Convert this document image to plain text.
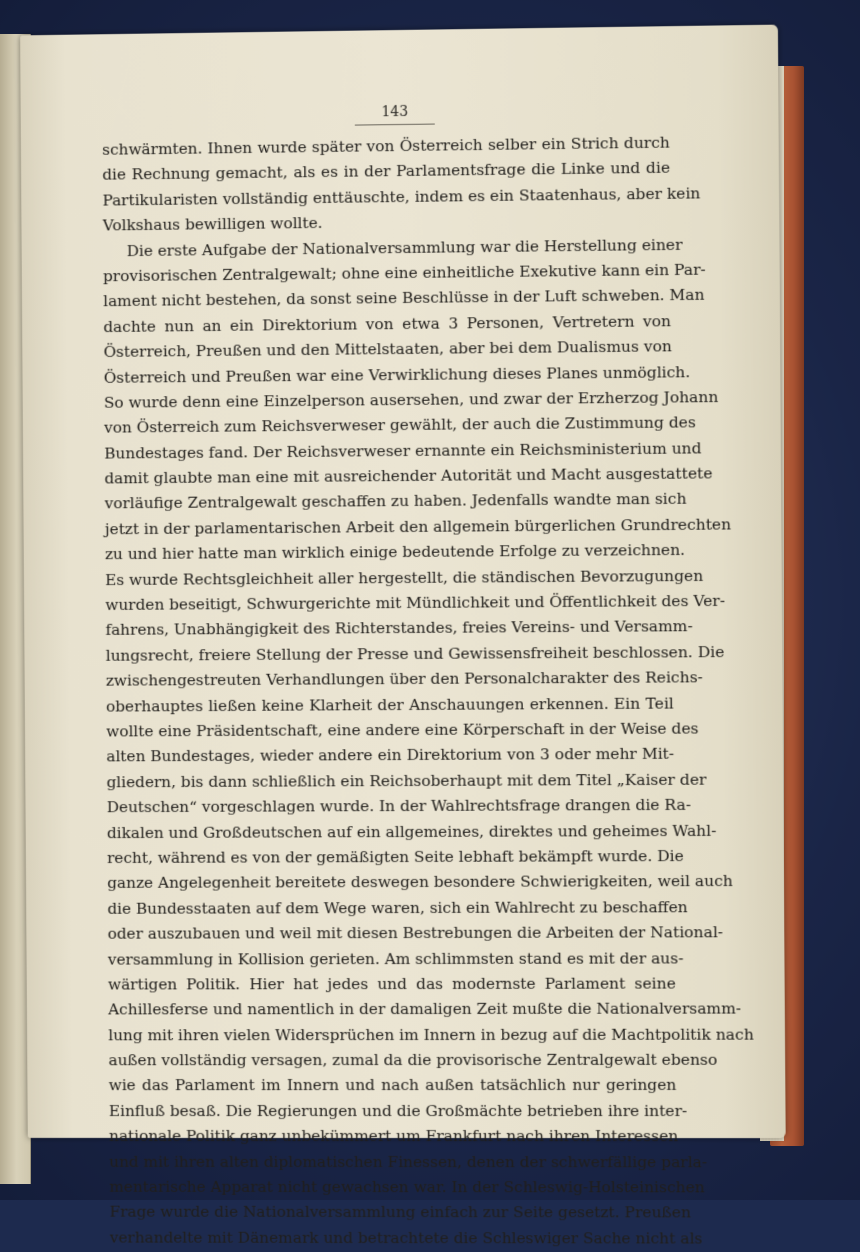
143
schwärmten. Ihnen wurde später von Österreich selber ein Strich durch
die Rechnung gemacht, als es in der Parlamentsfrage die Linke und die
Partikularisten vollständig enttäuschte, indem es ein Staatenhaus, aber kein
Volkshaus bewilligen wollte.
Die erste Aufgabe der Nationalversammlung war die Herstellung einer
provisorischen Zentralgewalt; ohne eine einheitliche Exekutive kann ein Par-
lament nicht bestehen, da sonst seine Beschlüsse in der Luft schweben. Man
dachte nun an ein Direktorium von etwa 3 Personen, Vertretern von
Österreich, Preußen und den Mittelstaaten, aber bei dem Dualismus von
Österreich und Preußen war eine Verwirklichung dieses Planes unmöglich.
So wurde denn eine Einzelperson ausersehen, und zwar der Erzherzog Johann
von Österreich zum Reichsverweser gewählt, der auch die Zustimmung des
Bundestages fand. Der Reichsverweser ernannte ein Reichsministerium und
damit glaubte man eine mit ausreichender Autorität und Macht ausgestattete
vorläufige Zentralgewalt geschaffen zu haben. Jedenfalls wandte man sich
jetzt in der parlamentarischen Arbeit den allgemein bürgerlichen Grundrechten
zu und hier hatte man wirklich einige bedeutende Erfolge zu verzeichnen.
Es wurde Rechtsgleichheit aller hergestellt, die ständischen Bevorzugungen
wurden beseitigt, Schwurgerichte mit Mündlichkeit und Öffentlichkeit des Ver-
fahrens, Unabhängigkeit des Richterstandes, freies Vereins- und Versamm-
lungsrecht, freiere Stellung der Presse und Gewissensfreiheit beschlossen. Die
zwischengestreuten Verhandlungen über den Personalcharakter des Reichs-
oberhauptes ließen keine Klarheit der Anschauungen erkennen. Ein Teil
wollte eine Präsidentschaft, eine andere eine Körperschaft in der Weise des
alten Bundestages, wieder andere ein Direktorium von 3 oder mehr Mit-
gliedern, bis dann schließlich ein Reichsoberhaupt mit dem Titel „Kaiser der
Deutschen“ vorgeschlagen wurde. In der Wahlrechtsfrage drangen die Ra-
dikalen und Großdeutschen auf ein allgemeines, direktes und geheimes Wahl-
recht, während es von der gemäßigten Seite lebhaft bekämpft wurde. Die
ganze Angelegenheit bereitete deswegen besondere Schwierigkeiten, weil auch
die Bundesstaaten auf dem Wege waren, sich ein Wahlrecht zu beschaffen
oder auszubauen und weil mit diesen Bestrebungen die Arbeiten der National-
versammlung in Kollision gerieten. Am schlimmsten stand es mit der aus-
wärtigen Politik. Hier hat jedes und das modernste Parlament seine
Achillesferse und namentlich in der damaligen Zeit mußte die Nationalversamm-
lung mit ihren vielen Widersprüchen im Innern in bezug auf die Machtpolitik nach
außen vollständig versagen, zumal da die provisorische Zentralgewalt ebenso
wie das Parlament im Innern und nach außen tatsächlich nur geringen
Einfluß besaß. Die Regierungen und die Großmächte betrieben ihre inter-
nationale Politik ganz unbekümmert um Frankfurt nach ihren Interessen
und mit ihren alten diplomatischen Finessen, denen der schwerfällige parla-
mentarische Apparat nicht gewachsen war. In der Schleswig-Holsteinischen
Frage wurde die Nationalversammlung einfach zur Seite gesetzt. Preußen
verhandelte mit Dänemark und betrachtete die Schleswiger Sache nicht als
